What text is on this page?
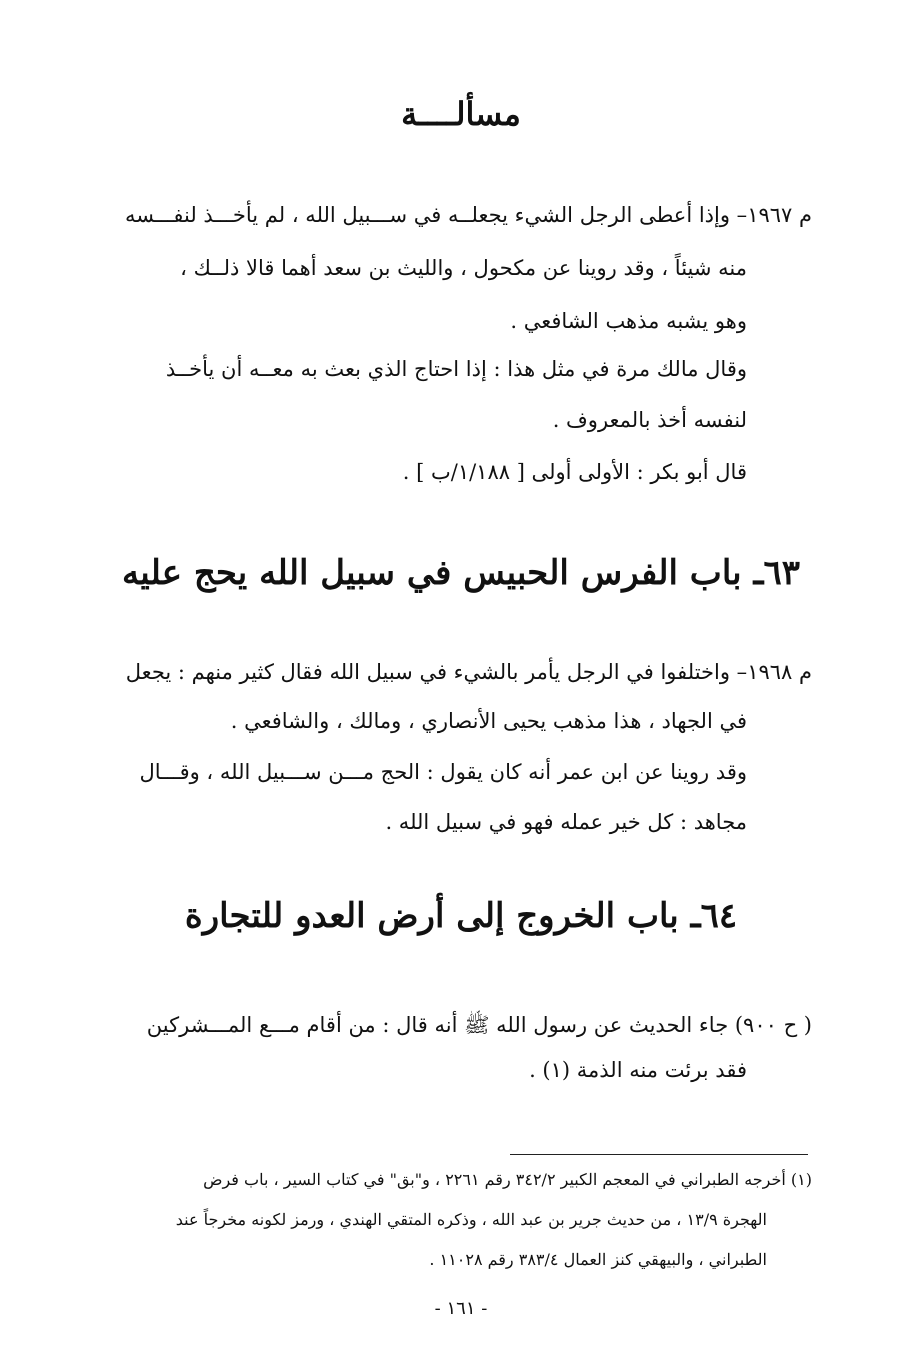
مسألــــة
م ١٩٦٧– وإذا أعطى الرجل الشيء يجعلــه في ســـبيل الله ، لم يأخـــذ لنفـــسه
منه شيئاً ، وقد روينا عن مكحول ، والليث بن سعد أهما قالا ذلــك ،
وهو يشبه مذهب الشافعي .
وقال مالك مرة في مثل هذا : إذا احتاج الذي بعث به معــه أن يأخــذ
لنفسه أخذ بالمعروف .
قال أبو بكر : الأولى أولى [ ١/١٨٨/ب ] .
٦٣ـ باب الفرس الحبيس في سبيل الله يحج عليه
م ١٩٦٨– واختلفوا في الرجل يأمر بالشيء في سبيل الله فقال كثير منهم : يجعل
في الجهاد ، هذا مذهب يحيى الأنصاري ، ومالك ، والشافعي .
وقد روينا عن ابن عمر أنه كان يقول : الحج مـــن ســـبيل الله ، وقـــال
مجاهد : كل خير عمله فهو في سبيل الله .
٦٤ـ باب الخروج إلى أرض العدو للتجارة
( ح ٩٠٠) جاء الحديث عن رسول الله ﷺ أنه قال : من أقام مـــع المـــشركين
فقد برئت منه الذمة (١) .
(١) أخرجه الطبراني في المعجم الكبير ٣٤٢/٢ رقم ٢٢٦١ ، و"بق" في كتاب السير ، باب فرض
الهجرة ١٣/٩ ، من حديث جرير بن عبد الله ، وذكره المتقي الهندي ، ورمز لكونه مخرجاً عند
الطبراني ، والبيهقي كنز العمال ٣٨٣/٤ رقم ١١٠٢٨ .
- ١٦١ -
